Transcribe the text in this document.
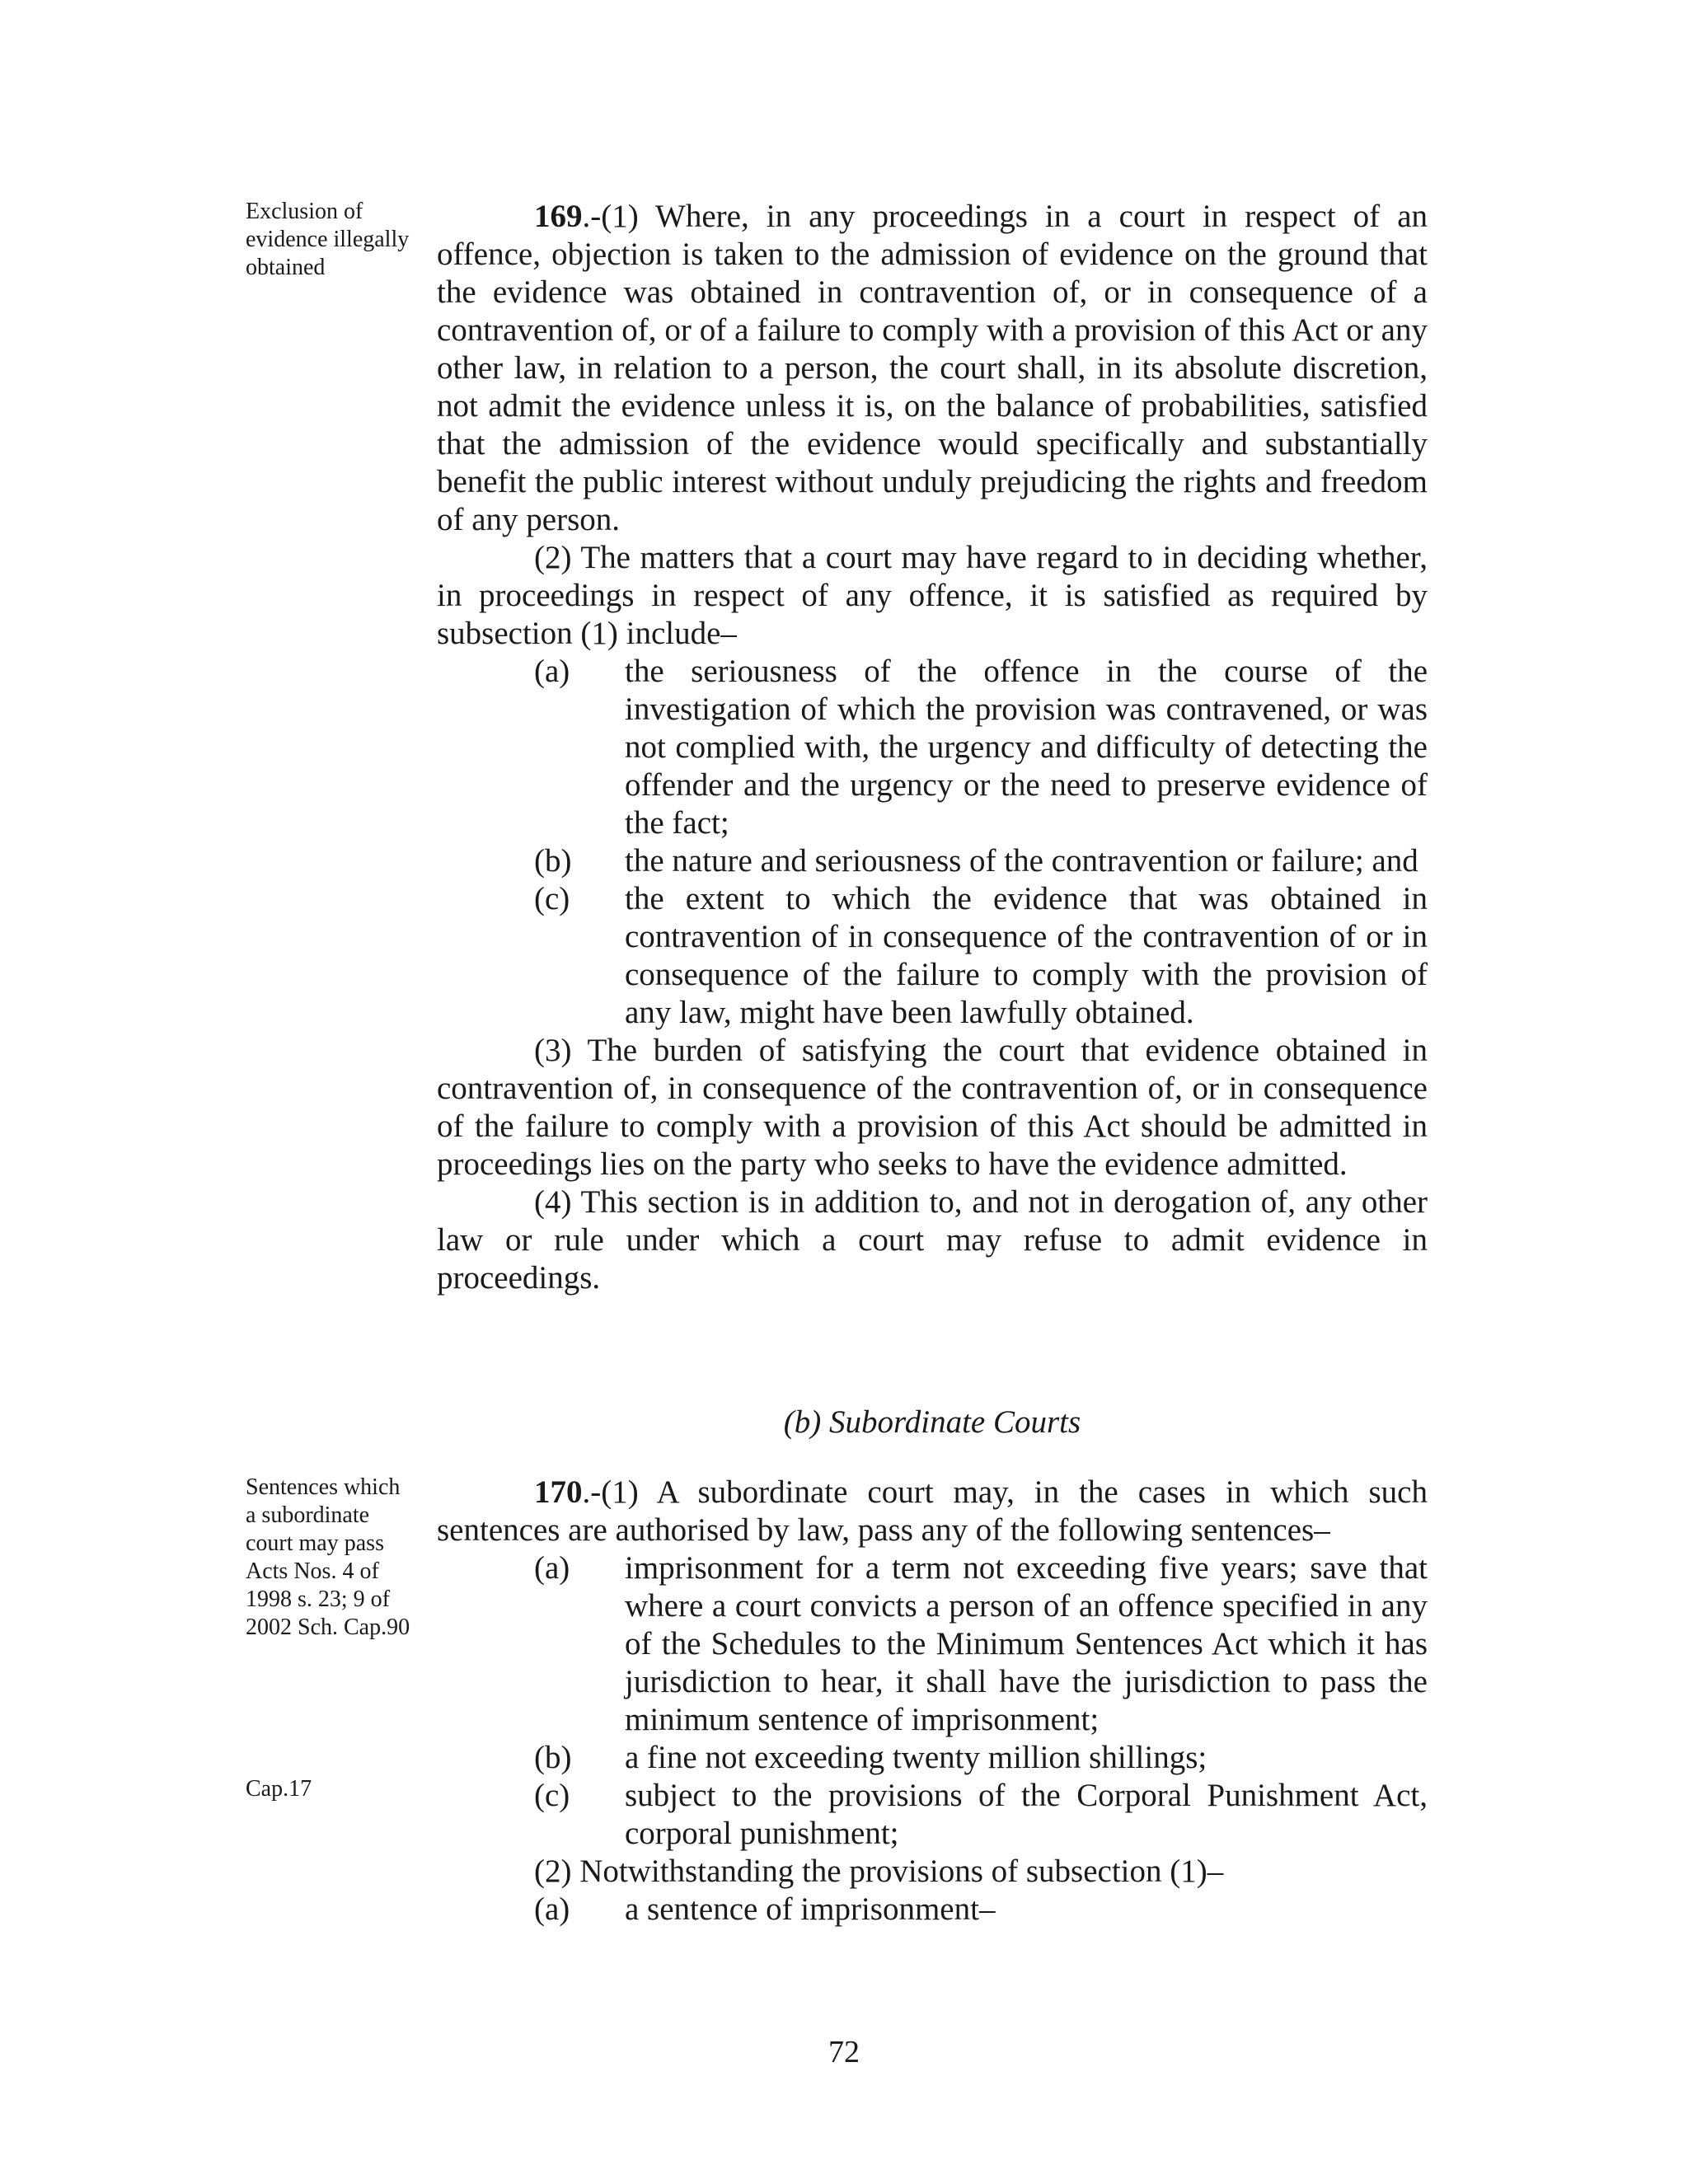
Exclusion of evidence illegally obtained
Sentences which a subordinate court may pass Acts Nos. 4 of 1998 s. 23; 9 of 2002 Sch. Cap.90
Cap.17

169.-(1) Where, in any proceedings in a court in respect of an offence, objection is taken to the admission of evidence on the ground that the evidence was obtained in contravention of, or in consequence of a contravention of, or of a failure to comply with a provision of this Act or any other law, in relation to a person, the court shall, in its absolute discretion, not admit the evidence unless it is, on the balance of probabilities, satisfied that the admission of the evidence would specifically and substantially benefit the public interest without unduly prejudicing the rights and freedom of any person.

(2) The matters that a court may have regard to in deciding whether, in proceedings in respect of any offence, it is satisfied as required by subsection (1) include–

(a) the seriousness of the offence in the course of the investigation of which the provision was contravened, or was not complied with, the urgency and difficulty of detecting the offender and the urgency or the need to preserve evidence of the fact;
(b) the nature and seriousness of the contravention or failure; and
(c) the extent to which the evidence that was obtained in contravention of in consequence of the contravention of or in consequence of the failure to comply with the provision of any law, might have been lawfully obtained.

(3) The burden of satisfying the court that evidence obtained in contravention of, in consequence of the contravention of, or in consequence of the failure to comply with a provision of this Act should be admitted in proceedings lies on the party who seeks to have the evidence admitted.

(4) This section is in addition to, and not in derogation of, any other law or rule under which a court may refuse to admit evidence in proceedings.

(b) Subordinate Courts

170.-(1) A subordinate court may, in the cases in which such sentences are authorised by law, pass any of the following sentences–

(a) imprisonment for a term not exceeding five years; save that where a court convicts a person of an offence specified in any of the Schedules to the Minimum Sentences Act which it has jurisdiction to hear, it shall have the jurisdiction to pass the minimum sentence of imprisonment;
(b) a fine not exceeding twenty million shillings;
(c) subject to the provisions of the Corporal Punishment Act, corporal punishment;

(2) Notwithstanding the provisions of subsection (1)–

(a) a sentence of imprisonment–
72
